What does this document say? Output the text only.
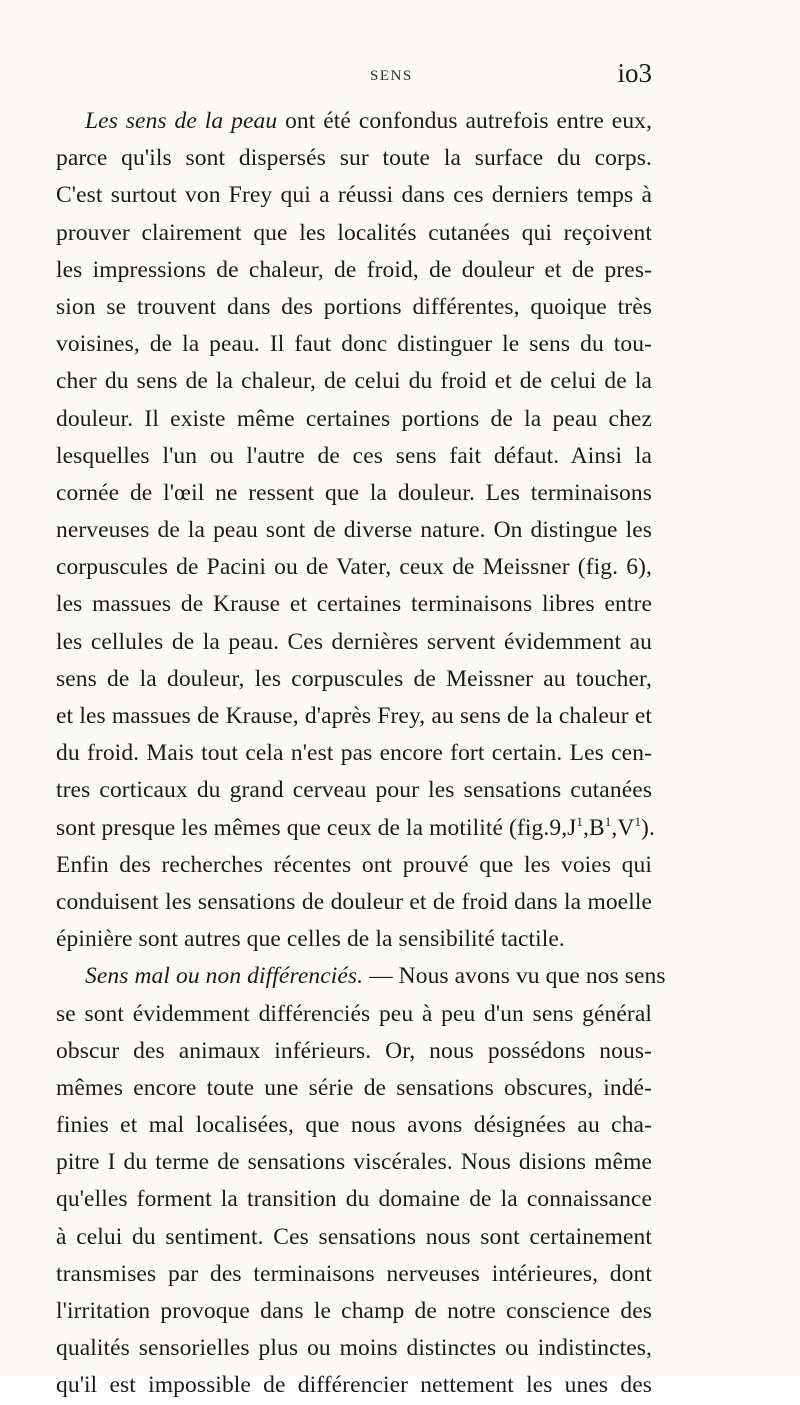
SENS	io3
Les sens de la peau ont été confondus autrefois entre eux,
parce qu'ils sont dispersés sur toute la surface du corps.
C'est surtout von Frey qui a réussi dans ces derniers temps à
prouver clairement que les localités cutanées qui reçoivent
les impressions de chaleur, de froid, de douleur et de pres-
sion se trouvent dans des portions différentes, quoique très
voisines, de la peau. Il faut donc distinguer le sens du tou-
cher du sens de la chaleur, de celui du froid et de celui de la
douleur. Il existe même certaines portions de la peau chez
lesquelles l'un ou l'autre de ces sens fait défaut. Ainsi la
cornée de l'œil ne ressent que la douleur. Les terminaisons
nerveuses de la peau sont de diverse nature. On distingue les
corpuscules de Pacini ou de Vater, ceux de Meissner (fig. 6),
les massues de Krause et certaines terminaisons libres entre
les cellules de la peau. Ces dernières servent évidemment au
sens de la douleur, les corpuscules de Meissner au toucher,
et les massues de Krause, d'après Frey, au sens de la chaleur et
du froid. Mais tout cela n'est pas encore fort certain. Les cen-
tres corticaux du grand cerveau pour les sensations cutanées
sont presque les mêmes que ceux de la motilité $(fig.9,J^1,B^1,V^1)$.
Enfin des recherches récentes ont prouvé que les voies qui
conduisent les sensations de douleur et de froid dans la moelle
épinière sont autres que celles de la sensibilité tactile.
Sens mal ou non différenciés. — Nous avons vu que nos sens
se sont évidemment différenciés peu à peu d'un sens général
obscur des animaux inférieurs. Or, nous possédons nous-
mêmes encore toute une série de sensations obscures, indé-
finies et mal localisées, que nous avons désignées au cha-
pitre I du terme de sensations viscérales. Nous disions même
qu'elles forment la transition du domaine de la connaissance
à celui du sentiment. Ces sensations nous sont certainement
transmises par des terminaisons nerveuses intérieures, dont
l'irritation provoque dans le champ de notre conscience des
qualités sensorielles plus ou moins distinctes ou indistinctes,
qu'il est impossible de différencier nettement les unes des
